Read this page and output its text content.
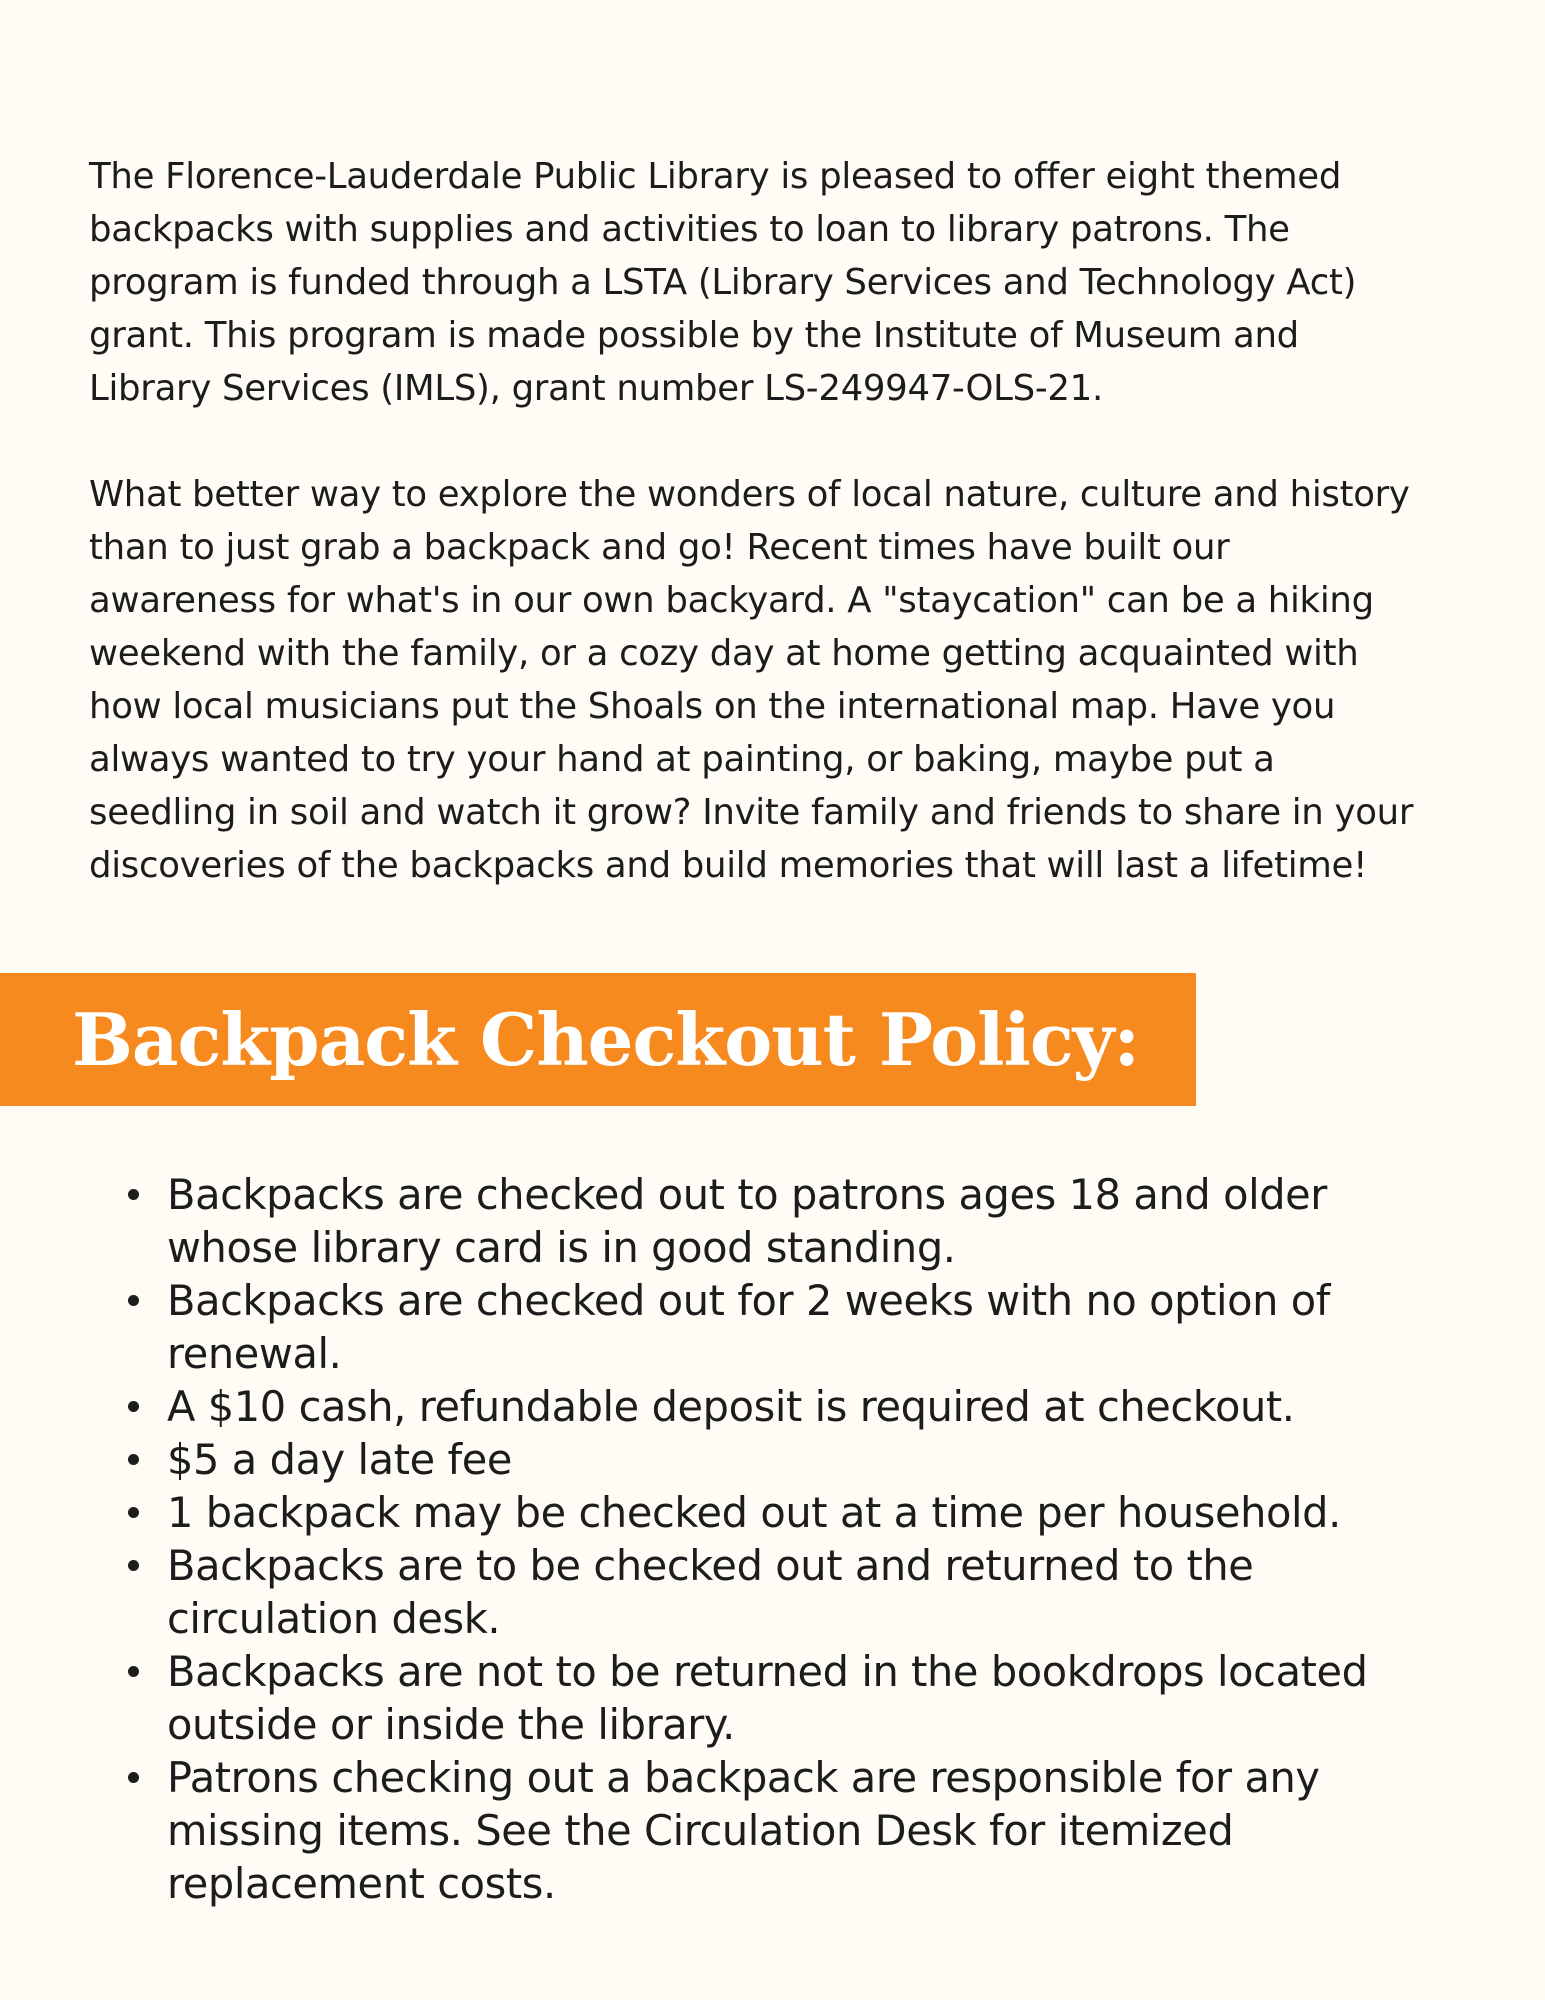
The Florence-Lauderdale Public Library is pleased to offer eight themed
backpacks with supplies and activities to loan to library patrons. The
program is funded through a LSTA (Library Services and Technology Act)
grant. This program is made possible by the Institute of Museum and
Library Services (IMLS), grant number LS-249947-OLS-21.

What better way to explore the wonders of local nature, culture and history
than to just grab a backpack and go! Recent times have built our
awareness for what's in our own backyard. A "staycation" can be a hiking
weekend with the family, or a cozy day at home getting acquainted with
how local musicians put the Shoals on the international map. Have you
always wanted to try your hand at painting, or baking, maybe put a
seedling in soil and watch it grow? Invite family and friends to share in your
discoveries of the backpacks and build memories that will last a lifetime!

Backpack Checkout Policy:
Backpacks are checked out to patrons ages 18 and older
whose library card is in good standing.
Backpacks are checked out for 2 weeks with no option of
renewal.
A $10 cash, refundable deposit is required at checkout.
$5 a day late fee
1 backpack may be checked out at a time per household.
Backpacks are to be checked out and returned to the
circulation desk.
Backpacks are not to be returned in the bookdrops located
outside or inside the library.
Patrons checking out a backpack are responsible for any
missing items. See the Circulation Desk for itemized
replacement costs.
